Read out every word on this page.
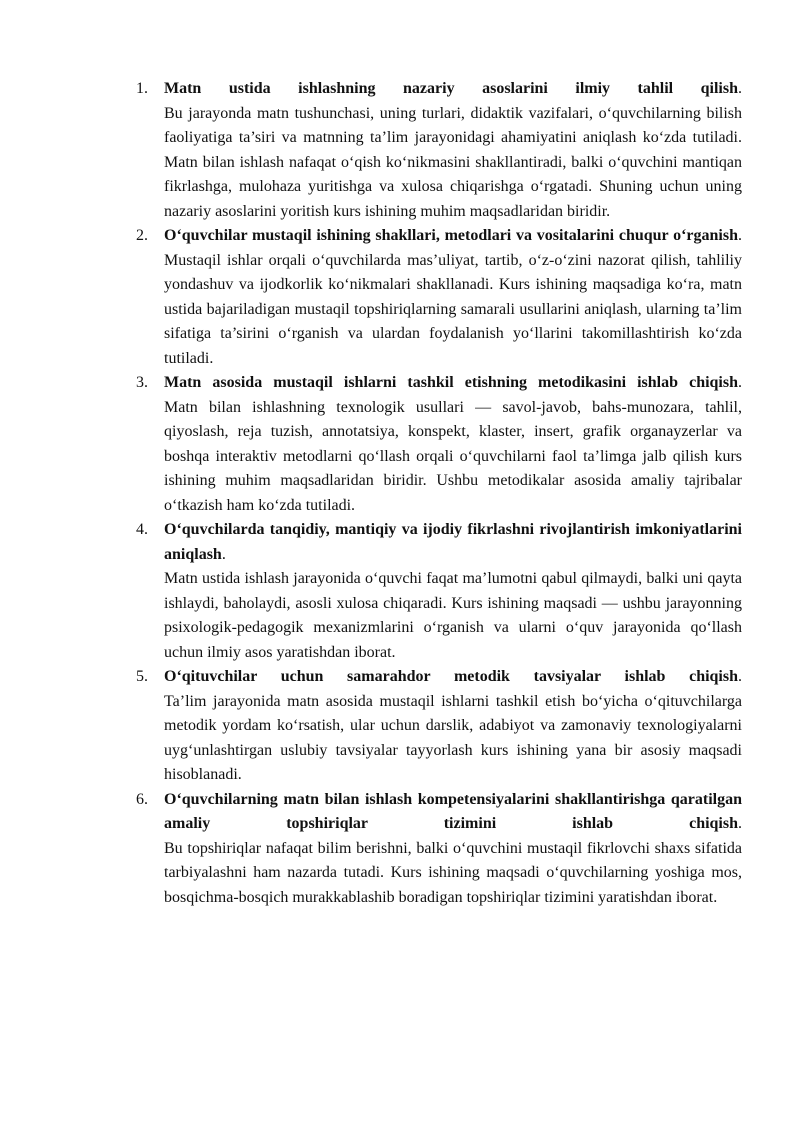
1. Matn ustida ishlashning nazariy asoslarini ilmiy tahlil qilish.
Bu jarayonda matn tushunchasi, uning turlari, didaktik vazifalari, o‘quvchilarning bilish faoliyatiga ta’siri va matnning ta’lim jarayonidagi ahamiyatini aniqlash ko‘zda tutiladi. Matn bilan ishlash nafaqat o‘qish ko‘nikmasini shakllantiradi, balki o‘quvchini mantiqan fikrlashga, mulohaza yuritishga va xulosa chiqarishga o‘rgatadi. Shuning uchun uning nazariy asoslarini yoritish kurs ishining muhim maqsadlaridan biridir.
2. O‘quvchilar mustaqil ishining shakllari, metodlari va vositalarini chuqur o‘rganish.
Mustaqil ishlar orqali o‘quvchilarda mas’uliyat, tartib, o‘z-o‘zini nazorat qilish, tahliliy yondashuv va ijodkorlik ko‘nikmalari shakllanadi. Kurs ishining maqsadiga ko‘ra, matn ustida bajariladigan mustaqil topshiriqlarning samarali usullarini aniqlash, ularning ta’lim sifatiga ta’sirini o‘rganish va ulardan foydalanish yo‘llarini takomillashtirish ko‘zda tutiladi.
3. Matn asosida mustaqil ishlarni tashkil etishning metodikasini ishlab chiqish.
Matn bilan ishlashning texnologik usullari — savol-javob, bahs-munozara, tahlil, qiyoslash, reja tuzish, annotatsiya, konspekt, klaster, insert, grafik organayzerlar va boshqa interaktiv metodlarni qo‘llash orqali o‘quvchilarni faol ta’limga jalb qilish kurs ishining muhim maqsadlaridan biridir. Ushbu metodikalar asosida amaliy tajribalar o‘tkazish ham ko‘zda tutiladi.
4. O‘quvchilarda tanqidiy, mantiqiy va ijodiy fikrlashni rivojlantirish imkoniyatlarini aniqlash.
Matn ustida ishlash jarayonida o‘quvchi faqat ma’lumotni qabul qilmaydi, balki uni qayta ishlaydi, baholaydi, asosli xulosa chiqaradi. Kurs ishining maqsadi — ushbu jarayonning psixologik-pedagogik mexanizmlarini o‘rganish va ularni o‘quv jarayonida qo‘llash uchun ilmiy asos yaratishdan iborat.
5. O‘qituvchilar uchun samarahdor metodik tavsiyalar ishlab chiqish.
Ta’lim jarayonida matn asosida mustaqil ishlarni tashkil etish bo‘yicha o‘qituvchilarga metodik yordam ko‘rsatish, ular uchun darslik, adabiyot va zamonaviy texnologiyalarni uyg‘unlashtirgan uslubiy tavsiyalar tayyorlash kurs ishining yana bir asosiy maqsadi hisoblanadi.
6. O‘quvchilarning matn bilan ishlash kompetensiyalarini shakllantirishga qaratilgan amaliy topshiriqlar tizimini ishlab chiqish.
Bu topshiriqlar nafaqat bilim berishni, balki o‘quvchini mustaqil fikrlovchi shaxs sifatida tarbiyalashni ham nazarda tutadi. Kurs ishining maqsadi o‘quvchilarning yoshiga mos, bosqichma-bosqich murakkablashib boradigan topshiriqlar tizimini yaratishdan iborat.
